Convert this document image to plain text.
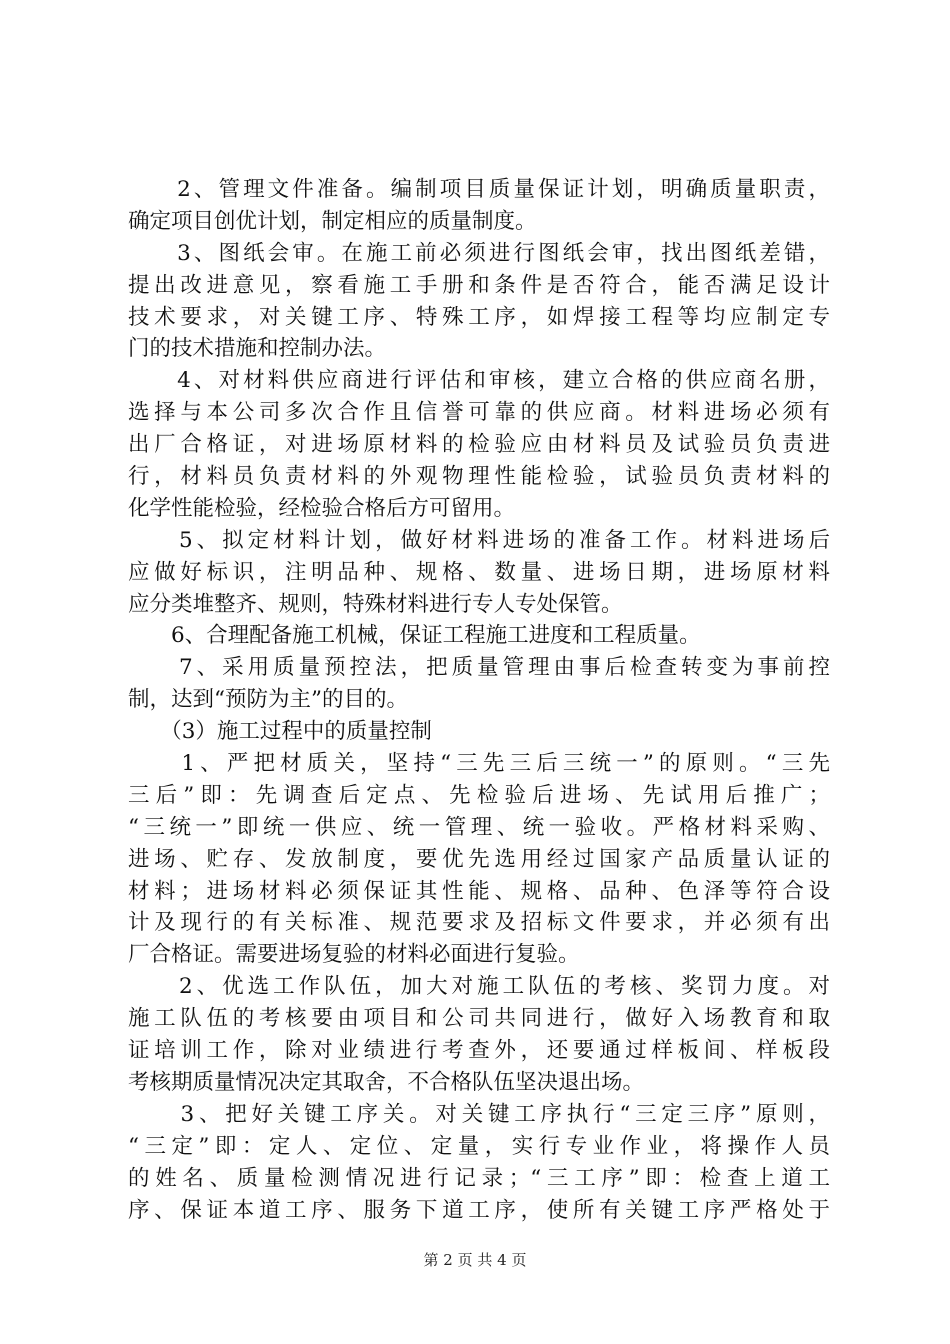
　　2、管理文件准备。编制项目质量保证计划，明确质量职责，
确定项目创优计划，制定相应的质量制度。
　　3、图纸会审。在施工前必须进行图纸会审，找出图纸差错，
提出改进意见，察看施工手册和条件是否符合，能否满足设计
技术要求，对关键工序、特殊工序，如焊接工程等均应制定专
门的技术措施和控制办法。
　　4、对材料供应商进行评估和审核，建立合格的供应商名册，
选择与本公司多次合作且信誉可靠的供应商。材料进场必须有
出厂合格证，对进场原材料的检验应由材料员及试验员负责进
行，材料员负责材料的外观物理性能检验，试验员负责材料的
化学性能检验，经检验合格后方可留用。
　　5、拟定材料计划，做好材料进场的准备工作。材料进场后
应做好标识，注明品种、规格、数量、进场日期，进场原材料
应分类堆整齐、规则，特殊材料进行专人专处保管。
　　6、合理配备施工机械，保证工程施工进度和工程质量。
　　7、采用质量预控法，把质量管理由事后检查转变为事前控
制，达到“预防为主”的目的。
　　（3）施工过程中的质量控制
　　1、严把材质关，坚持“三先三后三统一”的原则。“三先
三后”即：先调查后定点、先检验后进场、先试用后推广；
“三统一”即统一供应、统一管理、统一验收。严格材料采购、
进场、贮存、发放制度，要优先选用经过国家产品质量认证的
材料；进场材料必须保证其性能、规格、品种、色泽等符合设
计及现行的有关标准、规范要求及招标文件要求，并必须有出
厂合格证。需要进场复验的材料必面进行复验。
　　2、优选工作队伍，加大对施工队伍的考核、奖罚力度。对
施工队伍的考核要由项目和公司共同进行，做好入场教育和取
证培训工作，除对业绩进行考查外，还要通过样板间、样板段
考核期质量情况决定其取舍，不合格队伍坚决退出场。
　　3、把好关键工序关。对关键工序执行“三定三序”原则，
“三定”即：定人、定位、定量，实行专业作业，将操作人员
的姓名、质量检测情况进行记录；“三工序”即：检查上道工
序、保证本道工序、服务下道工序，使所有关键工序严格处于
第 2 页 共 4 页
